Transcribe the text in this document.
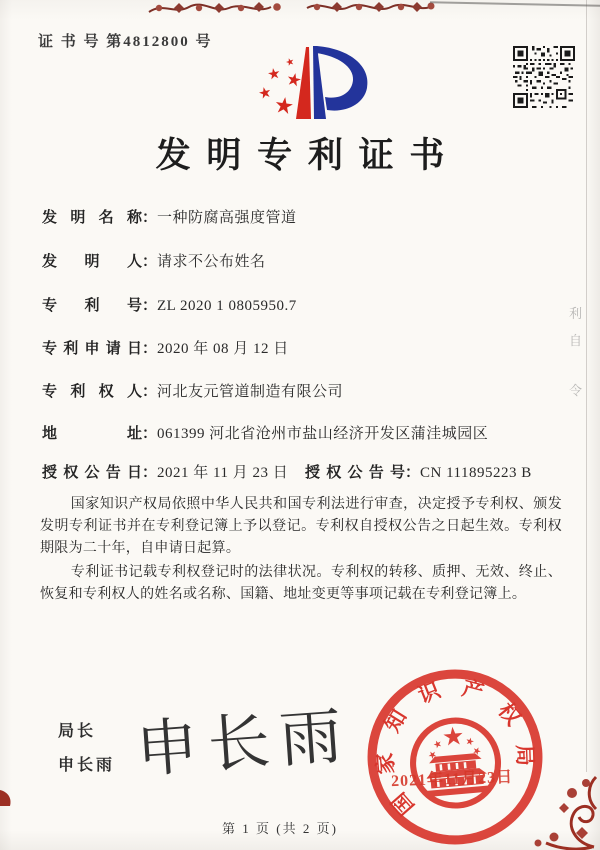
证 书 号 第4812800 号
发明专利证书
发明名称：一种防腐高强度管道
发明人：请求不公布姓名
专利号：ZL 2020 1 0805950.7
专利申请日：2020 年 08 月 12 日
专利权人：河北友元管道制造有限公司
地址：061399 河北省沧州市盐山经济开发区蒲洼城园区
授权公告日：2021 年 11 月 23 日 授权公告号：CN 111895223 B

国家知识产权局依照中华人民共和国专利法进行审查，决定授予专利权、颁发发明专利证书并在专利登记簿上予以登记。专利权自授权公告之日起生效。专利权期限为二十年，自申请日起算。

专利证书记载专利权登记时的法律状况。专利权的转移、质押、无效、终止、恢复和专利权人的姓名或名称、国籍、地址变更等事项记载在专利登记簿上。

利
自
令
局长
申长雨 申长雨
国家知识产权局
2021年11月23日
第 1 页 (共 2 页)
